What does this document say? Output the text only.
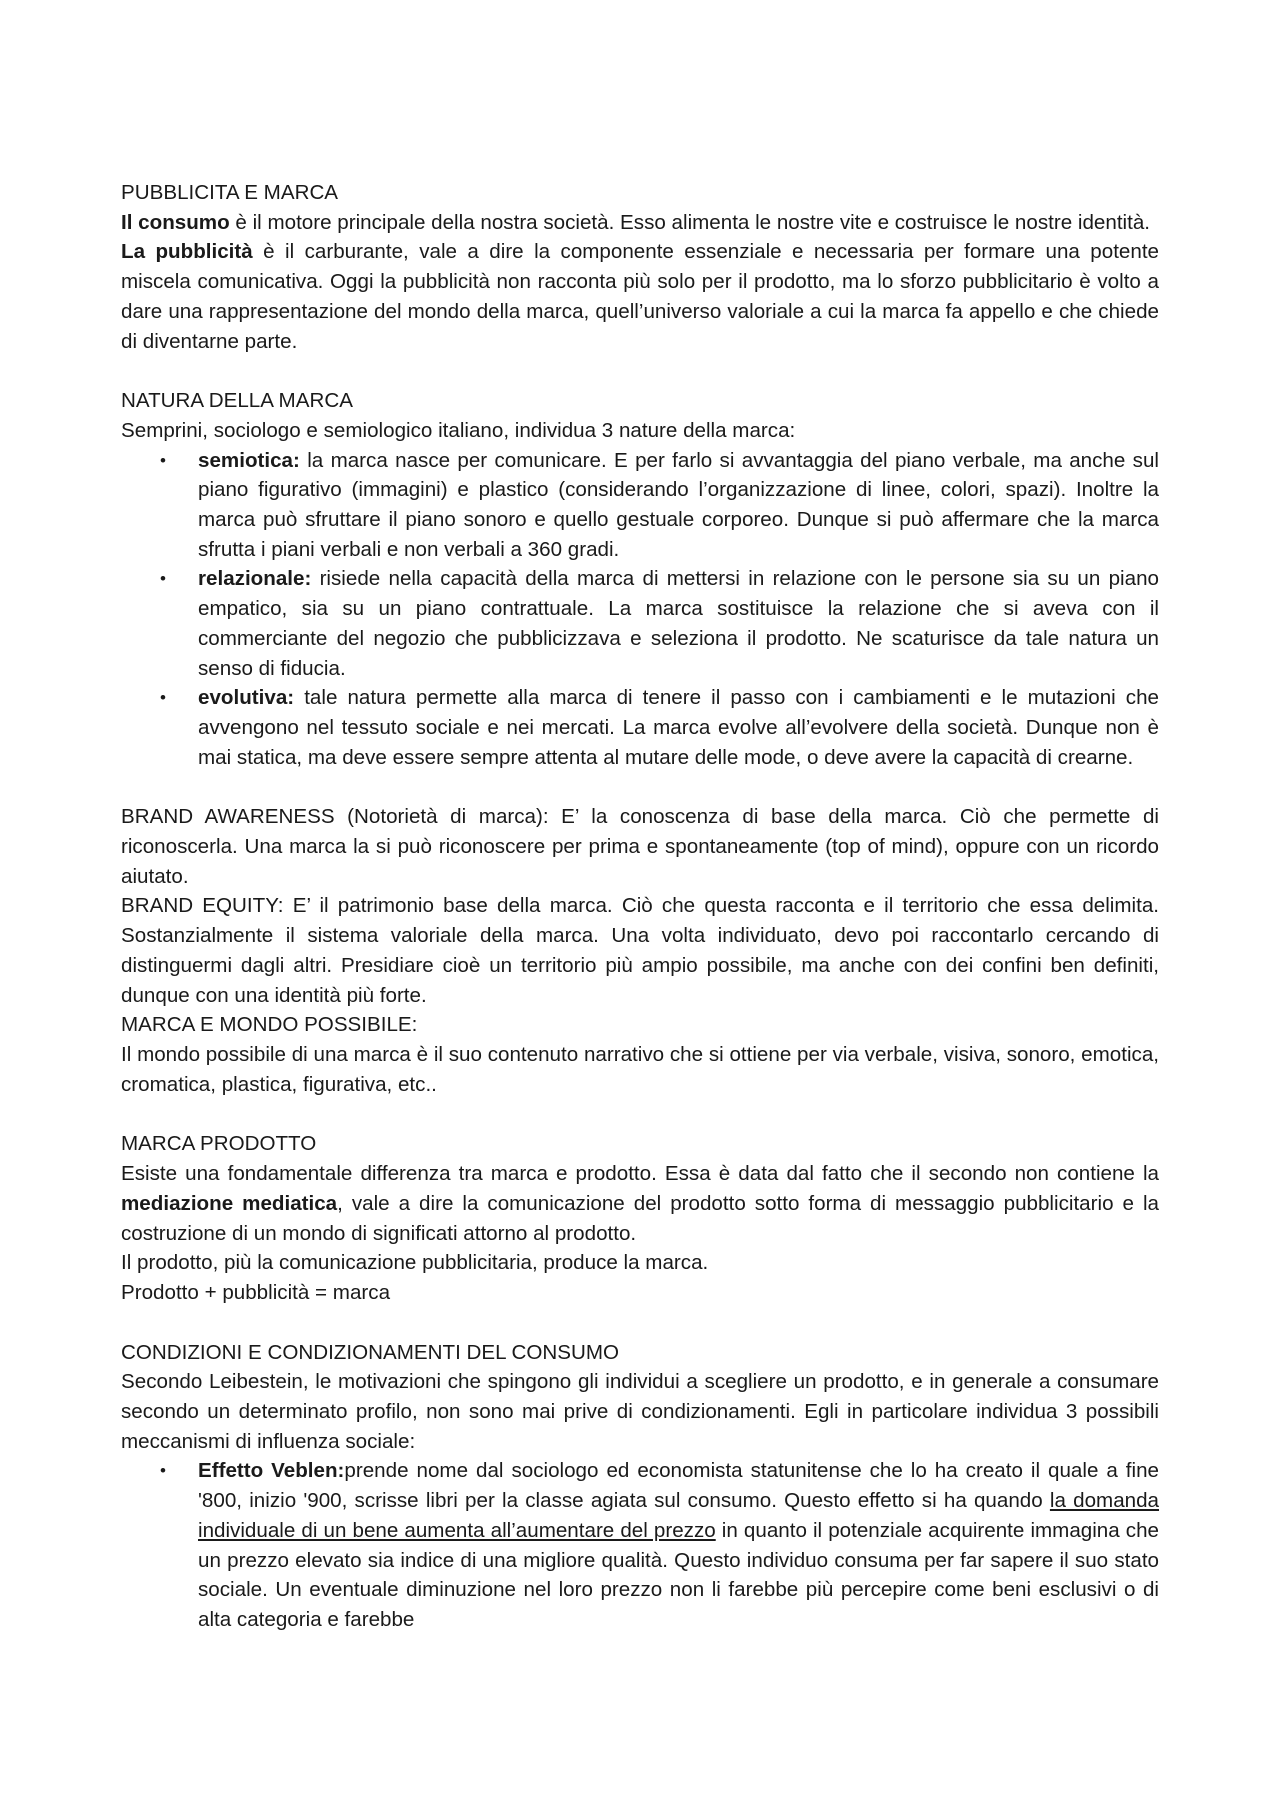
PUBBLICITA E MARCA
Il consumo è il motore principale della nostra società. Esso alimenta le nostre vite e costruisce le nostre identità.
La pubblicità è il carburante, vale a dire la componente essenziale e necessaria per formare una potente miscela comunicativa. Oggi la pubblicità non racconta più solo per il prodotto, ma lo sforzo pubblicitario è volto a dare una rappresentazione del mondo della marca, quell’universo valoriale a cui la marca fa appello e che chiede di diventarne parte.
NATURA DELLA MARCA
Semprini, sociologo e semiologico italiano, individua 3 nature della marca:
• semiotica: la marca nasce per comunicare. E per farlo si avvantaggia del piano verbale, ma anche sul piano figurativo (immagini) e plastico (considerando l’organizzazione di linee, colori, spazi). Inoltre la marca può sfruttare il piano sonoro e quello gestuale corporeo. Dunque si può affermare che la marca sfrutta i piani verbali e non verbali a 360 gradi.
• relazionale: risiede nella capacità della marca di mettersi in relazione con le persone sia su un piano empatico, sia su un piano contrattuale. La marca sostituisce la relazione che si aveva con il commerciante del negozio che pubblicizzava e seleziona il prodotto. Ne scaturisce da tale natura un senso di fiducia.
• evolutiva: tale natura permette alla marca di tenere il passo con i cambiamenti e le mutazioni che avvengono nel tessuto sociale e nei mercati. La marca evolve all’evolvere della società. Dunque non è mai statica, ma deve essere sempre attenta al mutare delle mode, o deve avere la capacità di crearne.
BRAND AWARENESS (Notorietà di marca): E’ la conoscenza di base della marca. Ciò che permette di riconoscerla. Una marca la si può riconoscere per prima e spontaneamente (top of mind), oppure con un ricordo aiutato.
BRAND EQUITY: E’ il patrimonio base della marca. Ciò che questa racconta e il territorio che essa delimita. Sostanzialmente il sistema valoriale della marca. Una volta individuato, devo poi raccontarlo cercando di distinguermi dagli altri. Presidiare cioè un territorio più ampio possibile, ma anche con dei confini ben definiti, dunque con una identità più forte.
MARCA E MONDO POSSIBILE:
Il mondo possibile di una marca è il suo contenuto narrativo che si ottiene per via verbale, visiva, sonoro, emotica, cromatica, plastica, figurativa, etc..
MARCA PRODOTTO
Esiste una fondamentale differenza tra marca e prodotto. Essa è data dal fatto che il secondo non contiene la mediazione mediatica, vale a dire la comunicazione del prodotto sotto forma di messaggio pubblicitario e la costruzione di un mondo di significati attorno al prodotto.
Il prodotto, più la comunicazione pubblicitaria, produce la marca.
Prodotto + pubblicità = marca
CONDIZIONI E CONDIZIONAMENTI DEL CONSUMO
Secondo Leibestein, le motivazioni che spingono gli individui a scegliere un prodotto, e in generale a consumare secondo un determinato profilo, non sono mai prive di condizionamenti. Egli in particolare individua 3 possibili meccanismi di influenza sociale:
• Effetto Veblen:prende nome dal sociologo ed economista statunitense che lo ha creato il quale a fine '800, inizio '900, scrisse libri per la classe agiata sul consumo. Questo effetto si ha quando la domanda individuale di un bene aumenta all’aumentare del prezzo in quanto il potenziale acquirente immagina che un prezzo elevato sia indice di una migliore qualità. Questo individuo consuma per far sapere il suo stato sociale. Un eventuale diminuzione nel loro prezzo non li farebbe più percepire come beni esclusivi o di alta categoria e farebbe
